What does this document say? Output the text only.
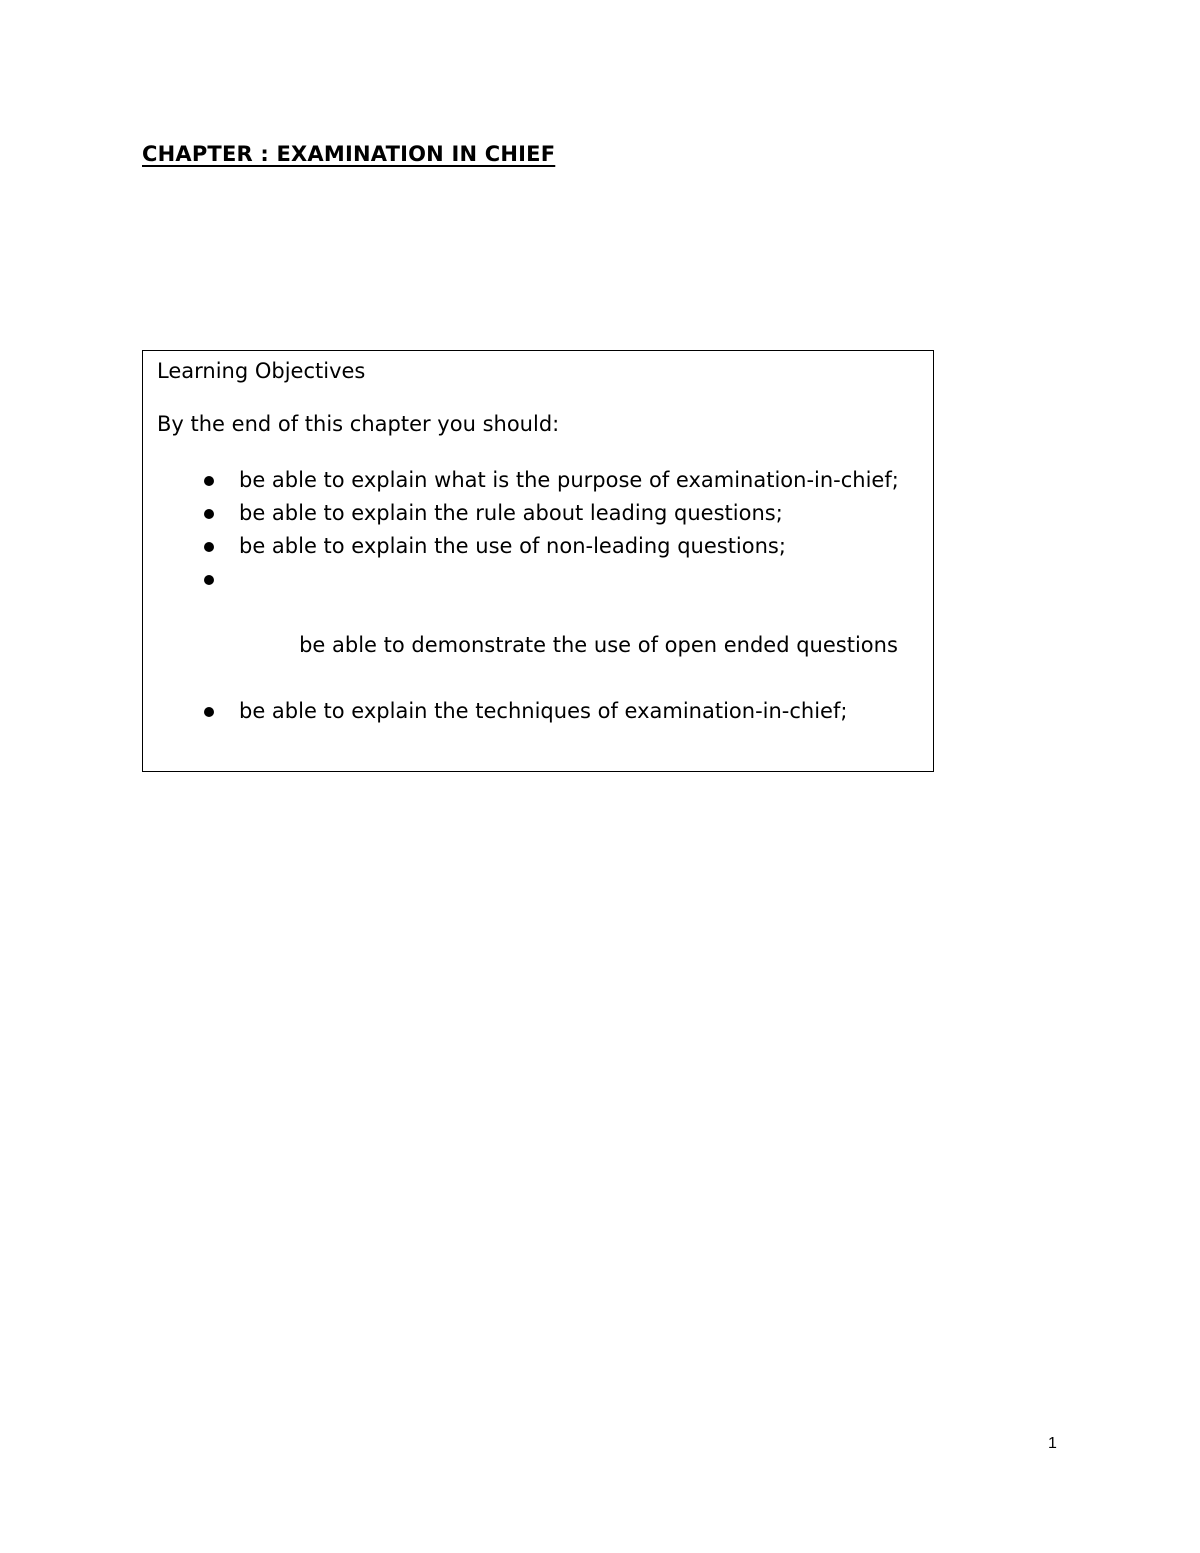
CHAPTER : EXAMINATION IN CHIEF

Learning Objectives

By the end of this chapter you should:

be able to explain what is the purpose of examination-in-chief;
be able to explain the rule about leading questions;
be able to explain the use of non-leading questions;

be able to demonstrate the use of open ended questions

be able to explain the techniques of examination-in-chief;
1
